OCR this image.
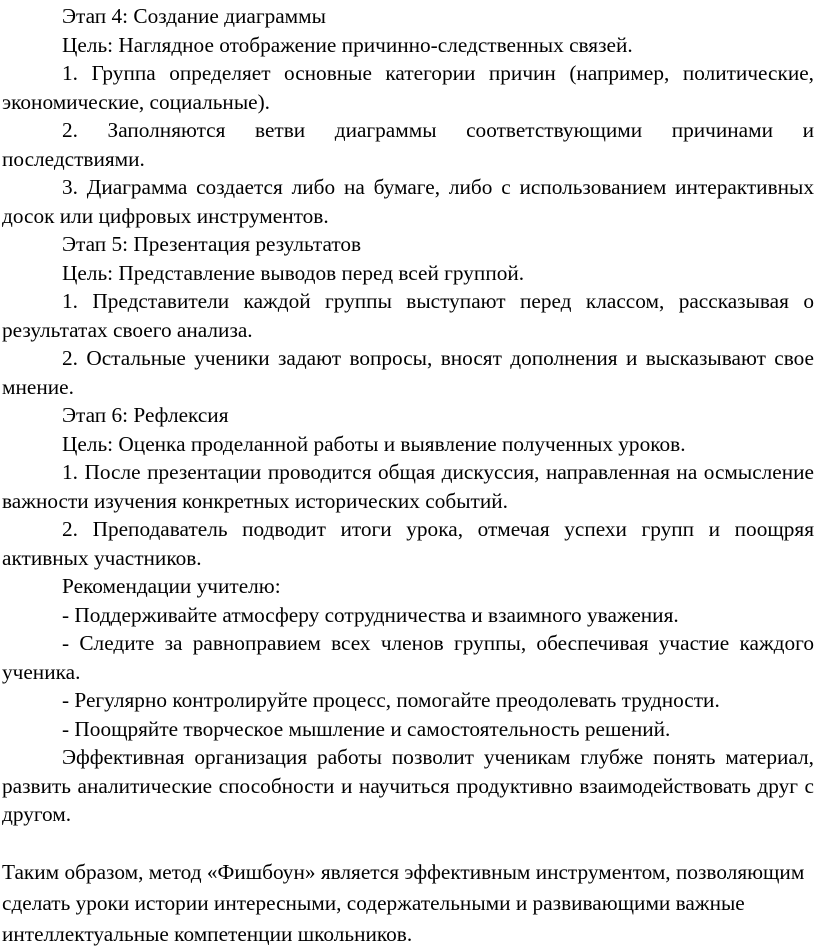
Этап 4: Создание диаграммы

Цель: Наглядное отображение причинно-следственных связей.

1. Группа определяет основные категории причин (например, политические, экономические, социальные).

2. Заполняются ветви диаграммы соответствующими причинами и последствиями.

3. Диаграмма создается либо на бумаге, либо с использованием интерактивных досок или цифровых инструментов.

Этап 5: Презентация результатов

Цель: Представление выводов перед всей группой.

1. Представители каждой группы выступают перед классом, рассказывая о результатах своего анализа.

2. Остальные ученики задают вопросы, вносят дополнения и высказывают свое мнение.

Этап 6: Рефлексия

Цель: Оценка проделанной работы и выявление полученных уроков.

1. После презентации проводится общая дискуссия, направленная на осмысление важности изучения конкретных исторических событий.

2. Преподаватель подводит итоги урока, отмечая успехи групп и поощряя активных участников.

Рекомендации учителю:

- Поддерживайте атмосферу сотрудничества и взаимного уважения.

- Следите за равноправием всех членов группы, обеспечивая участие каждого ученика.

- Регулярно контролируйте процесс, помогайте преодолевать трудности.

- Поощряйте творческое мышление и самостоятельность решений.

Эффективная организация работы позволит ученикам глубже понять материал, развить аналитические способности и научиться продуктивно взаимодействовать друг с другом.

Таким образом, метод «Фишбоун» является эффективным инструментом, позволяющим сделать уроки истории интересными, содержательными и развивающими важные интеллектуальные компетенции школьников.
